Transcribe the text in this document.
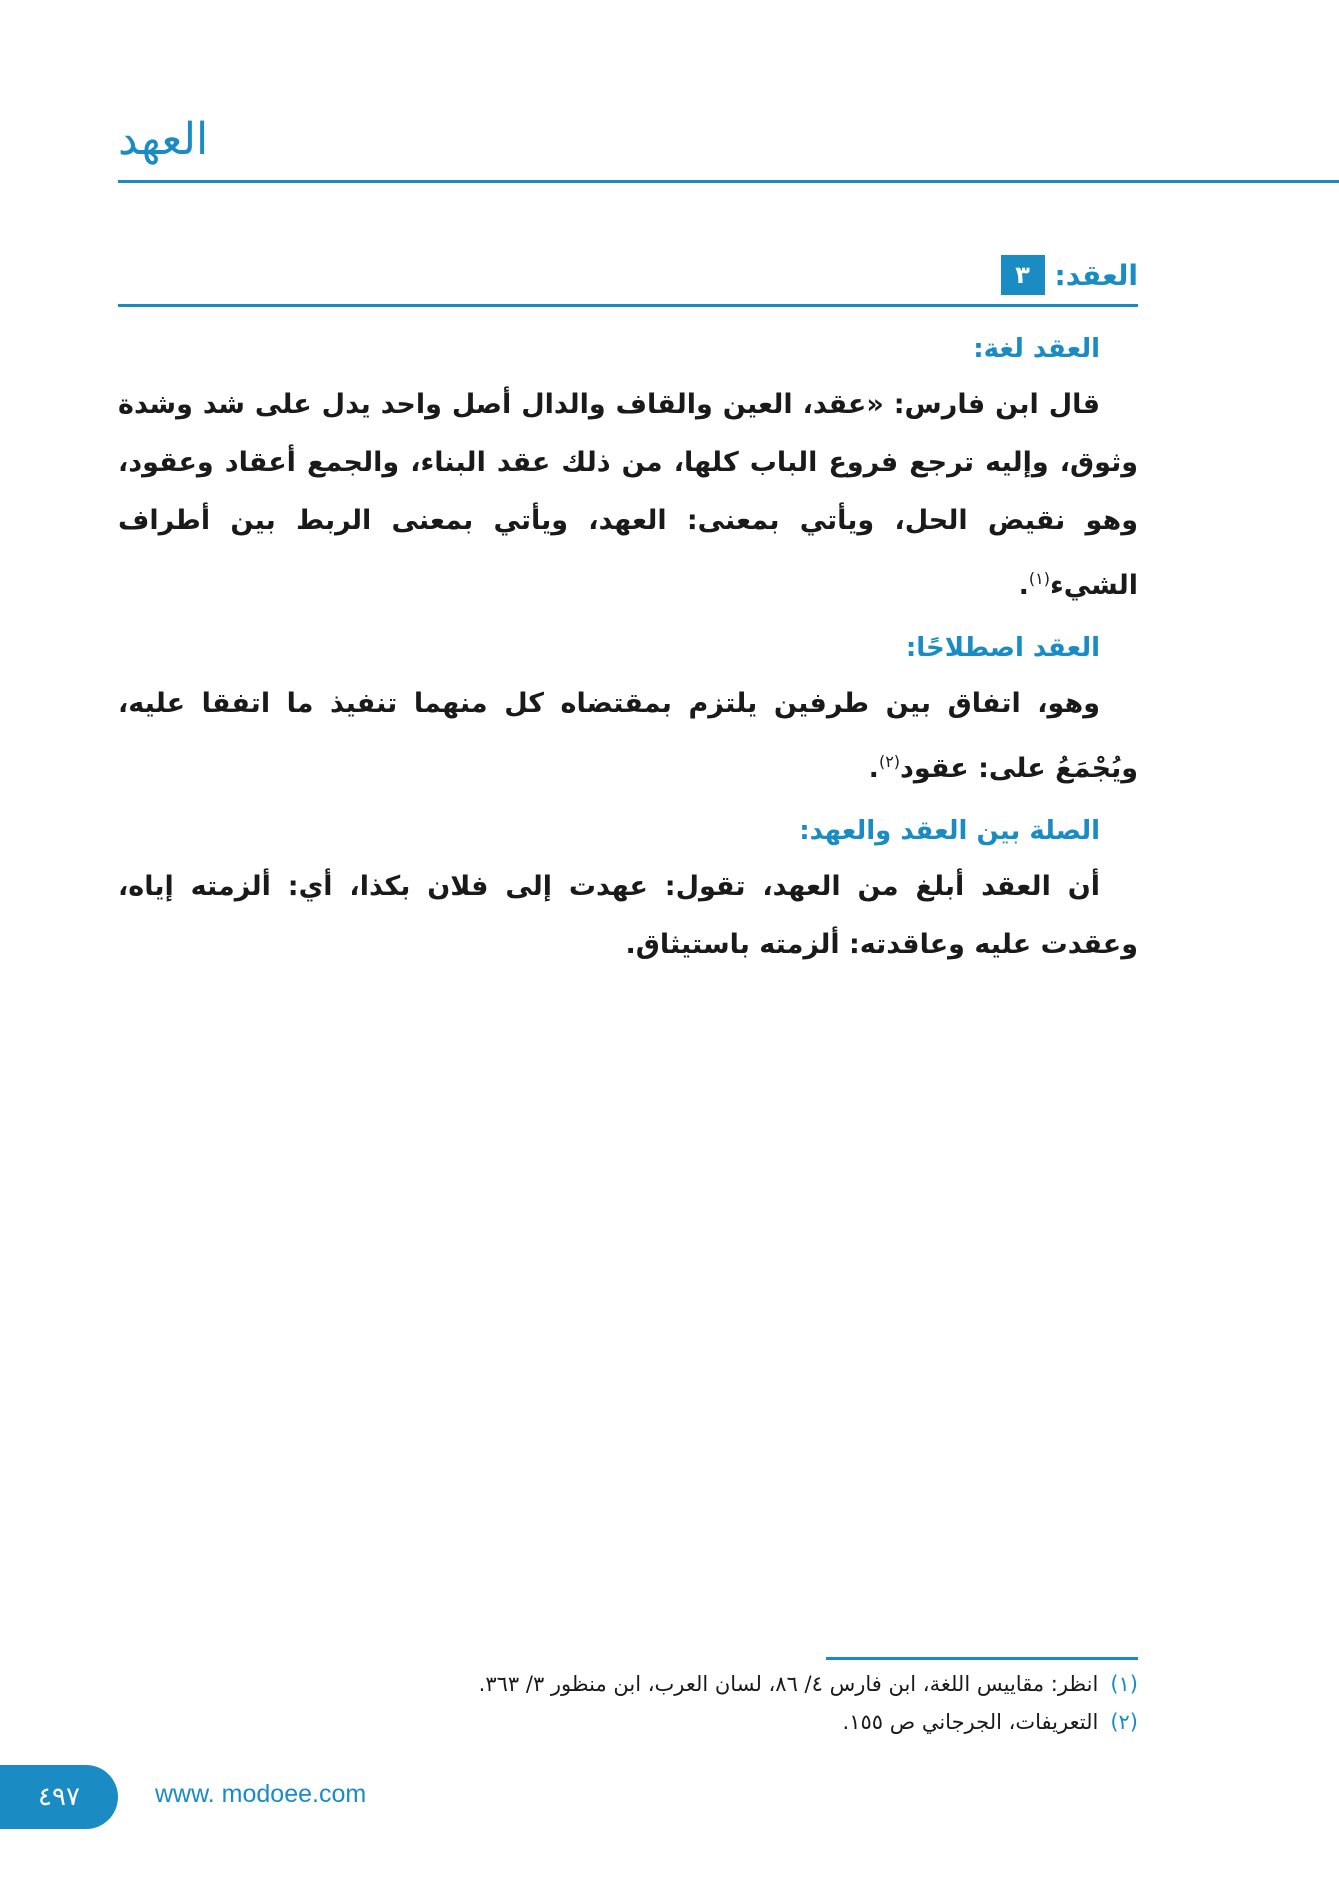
العهد
٣ العقد:
العقد لغة:

قال ابن فارس: «عقد، العين والقاف والدال أصل واحد يدل على شد وشدة وثوق، وإليه ترجع فروع الباب كلها، من ذلك عقد البناء، والجمع أعقاد وعقود، وهو نقيض الحل، ويأتي بمعنى: العهد، ويأتي بمعنى الربط بين أطراف الشيء$^{(١)}$.

العقد اصطلاحًا:

وهو، اتفاق بين طرفين يلتزم بمقتضاه كل منهما تنفيذ ما اتفقا عليه، ويُجْمَعُ على: عقود$^{(٢)}$.

الصلة بين العقد والعهد:

أن العقد أبلغ من العهد، تقول: عهدت إلى فلان بكذا، أي: ألزمته إياه، وعقدت عليه وعاقدته: ألزمته باستيثاق.

(١)
انظر: مقاييس اللغة، ابن فارس ٤/ ٨٦، لسان العرب، ابن منظور ٣/ ٣٦٣.
(٢)
التعريفات، الجرجاني ص ١٥٥.
٤٩٧	www. modoee.com
